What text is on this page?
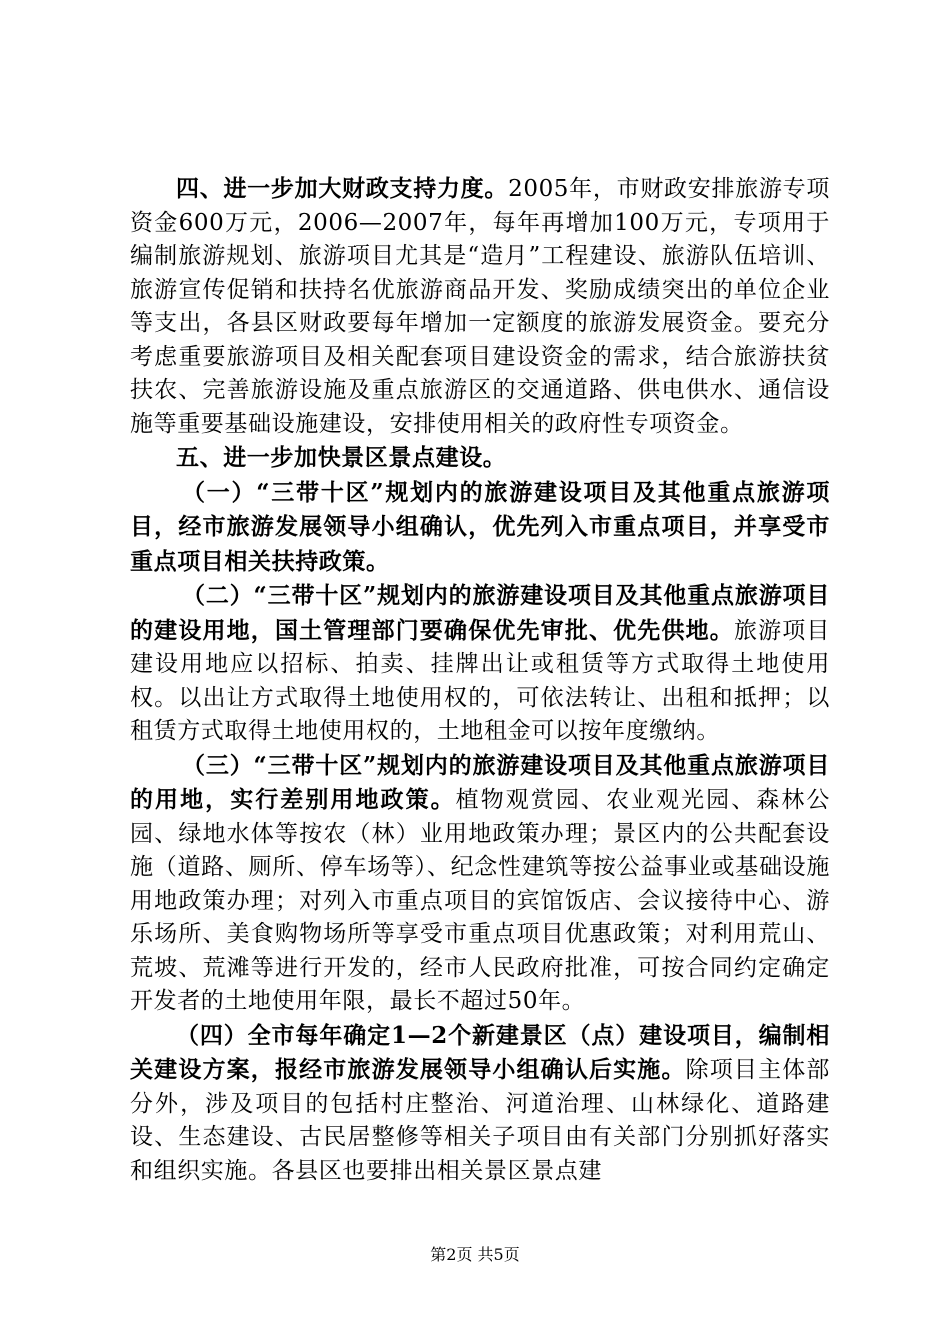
四、进一步加大财政支持力度。2005年，市财政安排旅游专项资金600万元，2006—2007年，每年再增加100万元，专项用于编制旅游规划、旅游项目尤其是“造月”工程建设、旅游队伍培训、旅游宣传促销和扶持名优旅游商品开发、奖励成绩突出的单位企业等支出，各县区财政要每年增加一定额度的旅游发展资金。要充分考虑重要旅游项目及相关配套项目建设资金的需求，结合旅游扶贫扶农、完善旅游设施及重点旅游区的交通道路、供电供水、通信设施等重要基础设施建设，安排使用相关的政府性专项资金。

五、进一步加快景区景点建设。

（一）“三带十区”规划内的旅游建设项目及其他重点旅游项目，经市旅游发展领导小组确认，优先列入市重点项目，并享受市重点项目相关扶持政策。

（二）“三带十区”规划内的旅游建设项目及其他重点旅游项目的建设用地，国土管理部门要确保优先审批、优先供地。旅游项目建设用地应以招标、拍卖、挂牌出让或租赁等方式取得土地使用权。以出让方式取得土地使用权的，可依法转让、出租和抵押；以租赁方式取得土地使用权的，土地租金可以按年度缴纳。

（三）“三带十区”规划内的旅游建设项目及其他重点旅游项目的用地，实行差别用地政策。植物观赏园、农业观光园、森林公园、绿地水体等按农（林）业用地政策办理；景区内的公共配套设施（道路、厕所、停车场等）、纪念性建筑等按公益事业或基础设施用地政策办理；对列入市重点项目的宾馆饭店、会议接待中心、游乐场所、美食购物场所等享受市重点项目优惠政策；对利用荒山、荒坡、荒滩等进行开发的，经市人民政府批准，可按合同约定确定开发者的土地使用年限，最长不超过50年。

（四）全市每年确定1—2个新建景区（点）建设项目，编制相关建设方案，报经市旅游发展领导小组确认后实施。除项目主体部分外，涉及项目的包括村庄整治、河道治理、山林绿化、道路建设、生态建设、古民居整修等相关子项目由有关部门分别抓好落实和组织实施。各县区也要排出相关景区景点建

第2页 共5页
